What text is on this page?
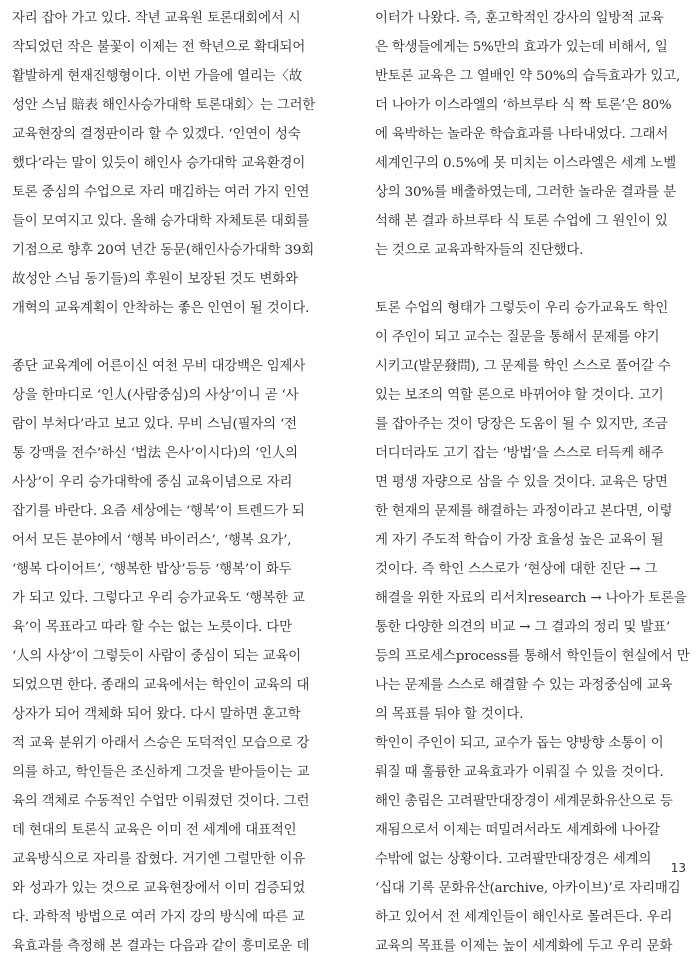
자리 잡아 가고 있다. 작년 교육원 토론대회에서 시

작되었던 작은 불꽃이 이제는 전 학년으로 확대되어

활발하게 현재진행형이다. 이번 가을에 열리는〈故

성안 스님 賠表 해인사승가대학 토론대회〉는 그러한

교육현장의 결정판이라 할 수 있겠다. ‘인연이 성숙

했다’라는 말이 있듯이 해인사 승가대학 교육환경이

토론 중심의 수업으로 자리 매김하는 여러 가지 인연

들이 모여지고 있다. 올해 승가대학 자체토론 대회를

기점으로 향후 20여 년간 동문(해인사승가대학 39회

故성안 스님 동기들)의 후원이 보장된 것도 변화와

개혁의 교육계획이 안착하는 좋은 인연이 될 것이다.

종단 교육계에 어른이신 여천 무비 대강백은 임제사

상을 한마디로 ‘인人(사람중심)의 사상’이니 곧 ‘사

람이 부처다’라고 보고 있다. 무비 스님(필자의 ‘전

통 강맥을 전수’하신 ‘법法 은사’이시다)의 ‘인人의

사상’이 우리 승가대학에 중심 교육이념으로 자리

잡기를 바란다. 요즘 세상에는 ‘행복’이 트렌드가 되

어서 모든 분야에서 ‘행복 바이러스’, ‘행복 요가’,

‘행복 다이어트’, ‘행복한 밥상’등등 ‘행복’이 화두

가 되고 있다. 그렇다고 우리 승가교육도 ‘행복한 교

육’이 목표라고 따라 할 수는 없는 노릇이다. 다만

‘人의 사상’이 그렇듯이 사람이 중심이 되는 교육이

되었으면 한다. 종래의 교육에서는 학인이 교육의 대

상자가 되어 객체화 되어 왔다. 다시 말하면 훈고학

적 교육 분위기 아래서 스승은 도덕적인 모습으로 강

의를 하고, 학인들은 조신하게 그것을 받아들이는 교

육의 객체로 수동적인 수업만 이뤄졌던 것이다. 그런

데 현대의 토론식 교육은 이미 전 세계에 대표적인

교육방식으로 자리를 잡혔다. 거기엔 그럴만한 이유

와 성과가 있는 것으로 교육현장에서 이미 검증되었

다. 과학적 방법으로 여러 가지 강의 방식에 따른 교

육효과를 측정해 본 결과는 다음과 같이 흥미로운 데

이터가 나왔다. 즉, 훈고학적인 강사의 일방적 교육

은 학생들에게는 5%만의 효과가 있는데 비해서, 일

반토론 교육은 그 열배인 약 50%의 습득효과가 있고,

더 나아가 이스라엘의 ‘하브루타 식 짝 토론’은 80%

에 육박하는 놀라운 학습효과를 나타내었다. 그래서

세계인구의 0.5%에 못 미치는 이스라엘은 세계 노벨

상의 30%를 배출하였는데, 그러한 놀라운 결과를 분

석해 본 결과 하브루타 식 토론 수업에 그 원인이 있

는 것으로 교육과학자들의 진단했다.

토론 수업의 형태가 그렇듯이 우리 승가교육도 학인

이 주인이 되고 교수는 질문을 통해서 문제를 야기

시키고(발문發問), 그 문제를 학인 스스로 풀어갈 수

있는 보조의 역할 론으로 바뀌어야 할 것이다. 고기

를 잡아주는 것이 당장은 도움이 될 수 있지만, 조금

더디더라도 고기 잡는 ‘방법’을 스스로 터득케 해주

면 평생 자량으로 삼을 수 있을 것이다. 교육은 당면

한 현재의 문제를 해결하는 과정이라고 본다면, 이렇

게 자기 주도적 학습이 가장 효율성 높은 교육이 될

것이다. 즉 학인 스스로가 ‘현상에 대한 진단 → 그

해결을 위한 자료의 리서치research → 나아가 토론을

통한 다양한 의견의 비교 → 그 결과의 정리 및 발표’

등의 프로세스process를 통해서 학인들이 현실에서 만

나는 문제를 스스로 해결할 수 있는 과정중심에 교육

의 목표를 둬야 할 것이다.

학인이 주인이 되고, 교수가 돕는 양방향 소통이 이

뤄질 때 훌륭한 교육효과가 이뤄질 수 있을 것이다.

해인 총림은 고려팔만대장경이 세계문화유산으로 등

재됨으로서 이제는 떠밀려서라도 세계화에 나아갈

수밖에 없는 상황이다. 고려팔만대장경은 세계의

‘십대 기록 문화유산(archive, 아카이브)’로 자리매김

하고 있어서 전 세계인들이 해인사로 몰려든다. 우리

교육의 목표를 이제는 높이 세계화에 두고 우리 문화

13
